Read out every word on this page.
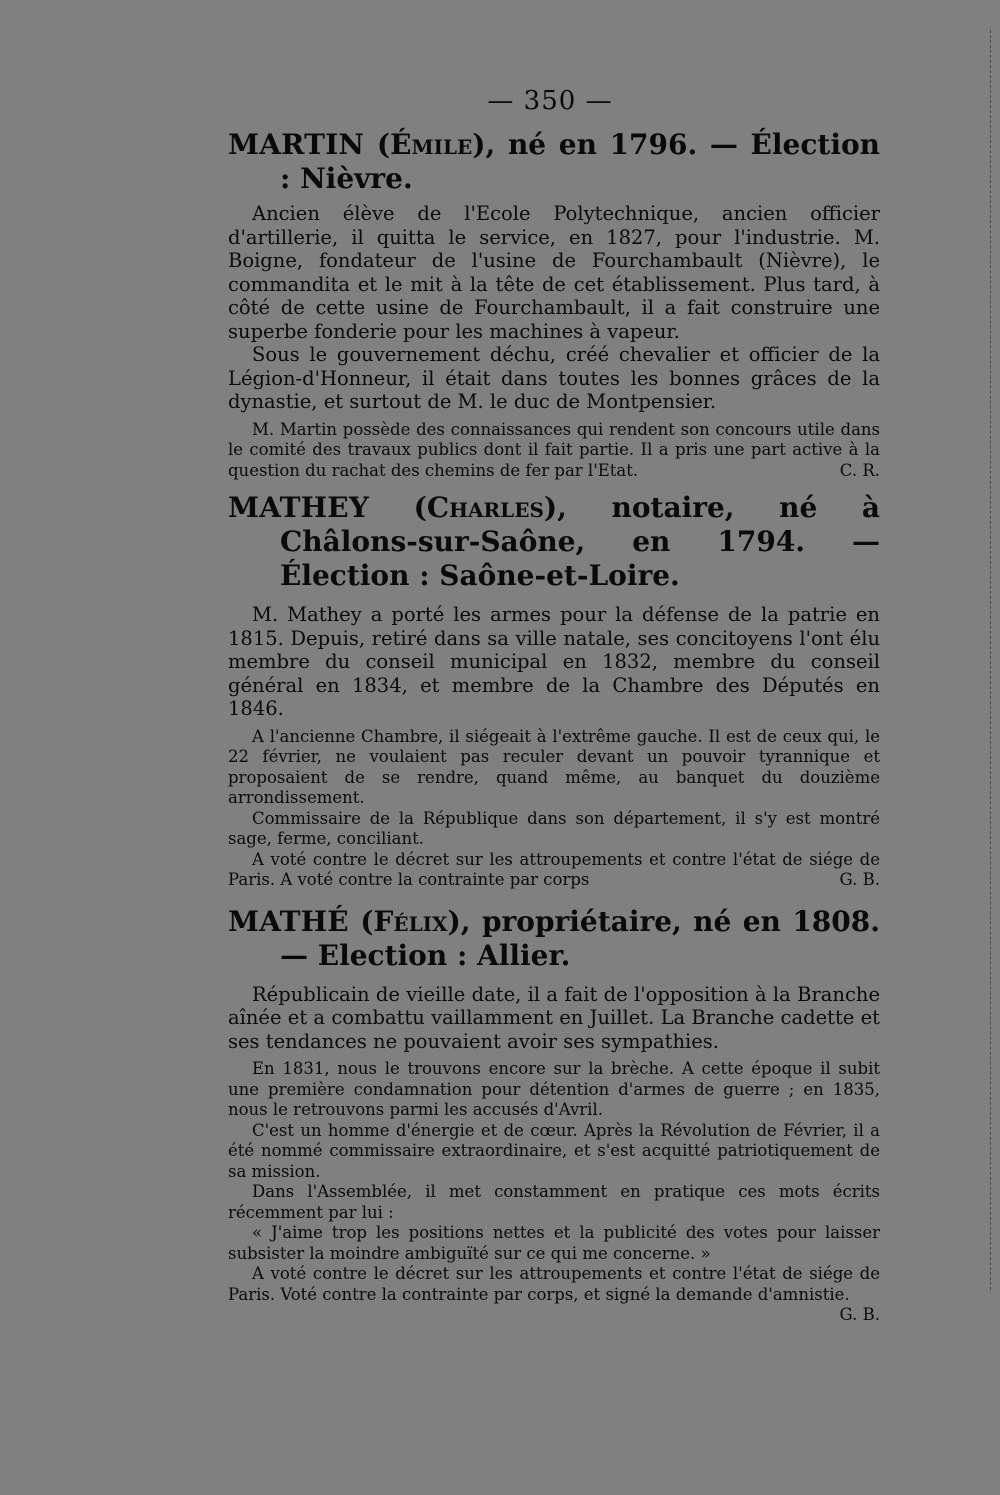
— 350 —
MARTIN (Émile), né en 1796. — Élection : Nièvre.

Ancien élève de l'Ecole Polytechnique, ancien officier d'artillerie, il quitta le service, en 1827, pour l'industrie. M. Boigne, fondateur de l'usine de Fourchambault (Nièvre), le commandita et le mit à la tête de cet établissement. Plus tard, à côté de cette usine de Fourchambault, il a fait construire une superbe fonderie pour les machines à vapeur.

Sous le gouvernement déchu, créé chevalier et officier de la Légion-d'Honneur, il était dans toutes les bonnes grâces de la dynastie, et surtout de M. le duc de Montpensier.

M. Martin possède des connaissances qui rendent son concours utile dans le comité des travaux publics dont il fait partie. Il a pris une part active à la question du rachat des chemins de fer par l'Etat.	C. R.

MATHEY (Charles), notaire, né à Châlons-sur-Saône, en 1794. — Élection : Saône-et-Loire.

M. Mathey a porté les armes pour la défense de la patrie en 1815. Depuis, retiré dans sa ville natale, ses concitoyens l'ont élu membre du conseil municipal en 1832, membre du conseil général en 1834, et membre de la Chambre des Députés en 1846.

A l'ancienne Chambre, il siégeait à l'extrême gauche. Il est de ceux qui, le 22 février, ne voulaient pas reculer devant un pouvoir tyrannique et proposaient de se rendre, quand même, au banquet du douzième arrondissement.

Commissaire de la République dans son département, il s'y est montré sage, ferme, conciliant.

A voté contre le décret sur les attroupements et contre l'état de siége de Paris. A voté contre la contrainte par corps	G. B.

MATHÉ (Félix), propriétaire, né en 1808. — Election : Allier.

Républicain de vieille date, il a fait de l'opposition à la Branche aînée et a combattu vaillamment en Juillet. La Branche cadette et ses tendances ne pouvaient avoir ses sympathies.

En 1831, nous le trouvons encore sur la brèche. A cette époque il subit une première condamnation pour détention d'armes de guerre ; en 1835, nous le retrouvons parmi les accusés d'Avril.

C'est un homme d'énergie et de cœur. Après la Révolution de Février, il a été nommé commissaire extraordinaire, et s'est acquitté patriotiquement de sa mission.

Dans l'Assemblée, il met constamment en pratique ces mots écrits récemment par lui :

« J'aime trop les positions nettes et la publicité des votes pour laisser subsister la moindre ambiguïté sur ce qui me concerne. »

A voté contre le décret sur les attroupements et contre l'état de siége de Paris. Voté contre la contrainte par corps, et signé la demande d'amnistie.
G. B.
